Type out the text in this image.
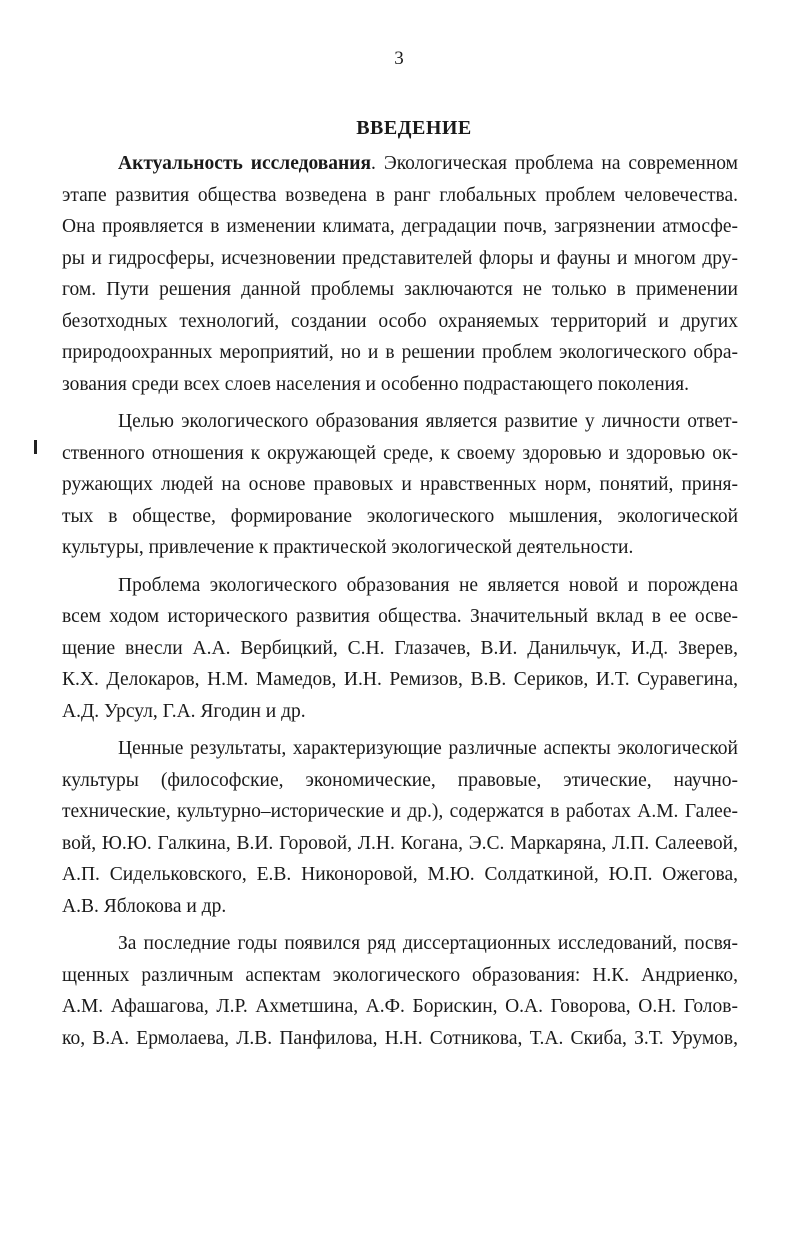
3
ВВЕДЕНИЕ
Актуальность исследования. Экологическая проблема на современном
этапе развития общества возведена в ранг глобальных проблем человечества.
Она проявляется в изменении климата, деградации почв, загрязнении атмосфе-
ры и гидросферы, исчезновении представителей флоры и фауны и многом дру-
гом. Пути решения данной проблемы заключаются не только в применении
безотходных технологий, создании особо охраняемых территорий и других
природоохранных мероприятий, но и в решении проблем экологического обра-
зования среди всех слоев населения и особенно подрастающего поколения.
Целью экологического образования является развитие у личности ответ-
ственного отношения к окружающей среде, к своему здоровью и здоровью ок-
ружающих людей на основе правовых и нравственных норм, понятий, приня-
тых в обществе, формирование экологического мышления, экологической
культуры, привлечение к практической экологической деятельности.
Проблема экологического образования не является новой и порождена
всем ходом исторического развития общества. Значительный вклад в ее осве-
щение внесли А.А. Вербицкий, С.Н. Глазачев, В.И. Данильчук, И.Д. Зверев,
К.Х. Делокаров, Н.М. Мамедов, И.Н. Ремизов, В.В. Сериков, И.Т. Суравегина,
А.Д. Урсул, Г.А. Ягодин и др.
Ценные результаты, характеризующие различные аспекты экологической
культуры (философские, экономические, правовые, этические, научно-
технические, культурно–исторические и др.), содержатся в работах А.М. Галее-
вой, Ю.Ю. Галкина, В.И. Горовой, Л.Н. Когана, Э.С. Маркаряна, Л.П. Салеевой,
А.П. Сидельковского, Е.В. Никоноровой, М.Ю. Солдаткиной, Ю.П. Ожегова,
А.В. Яблокова и др.
За последние годы появился ряд диссертационных исследований, посвя-
щенных различным аспектам экологического образования: Н.К. Андриенко,
А.М. Афашагова, Л.Р. Ахметшина, А.Ф. Борискин, О.А. Говорова, О.Н. Голов-
ко, В.А. Ермолаева, Л.В. Панфилова, Н.Н. Сотникова, Т.А. Скиба, З.Т. Урумов,
